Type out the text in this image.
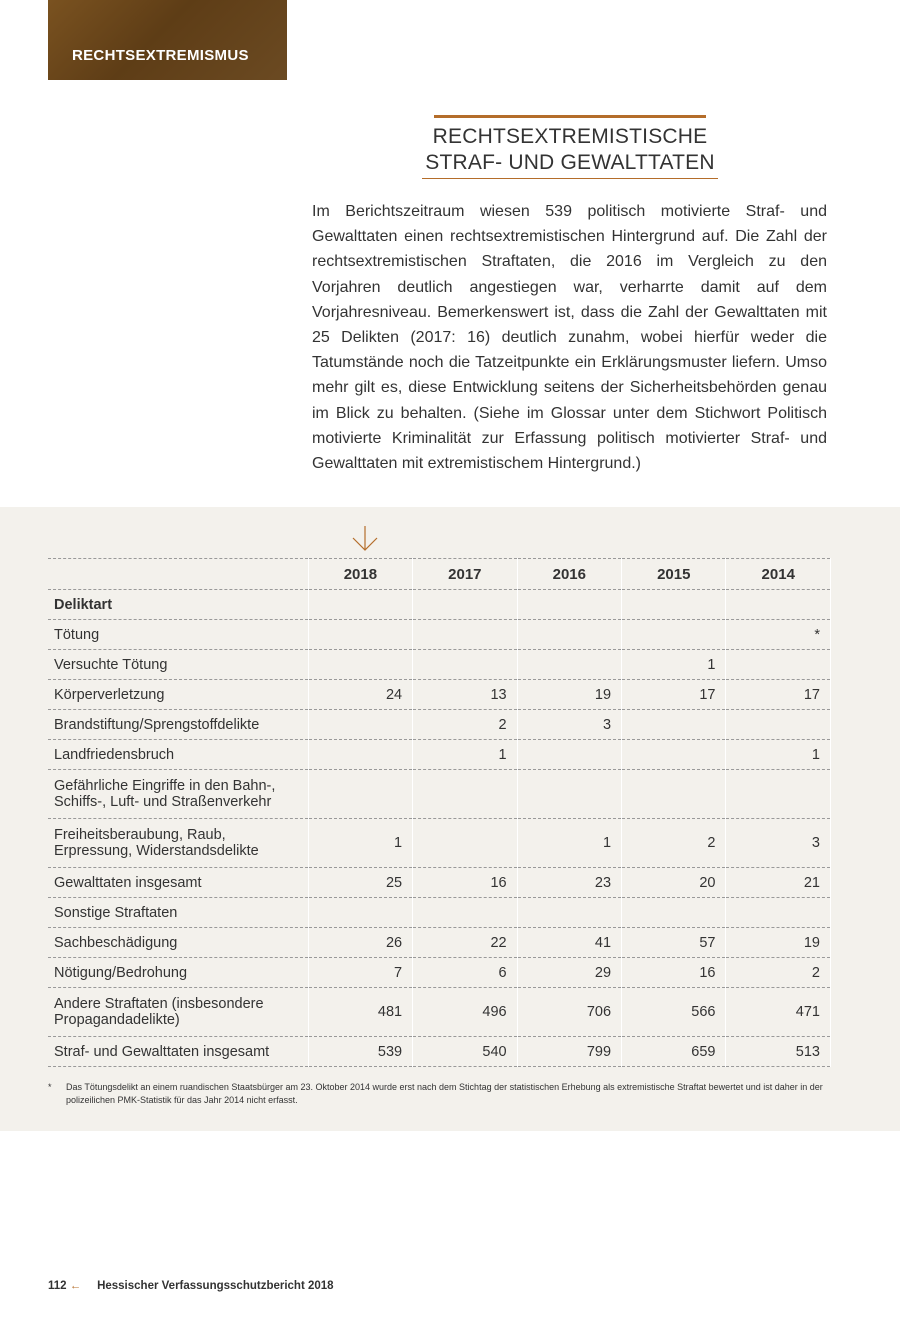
RECHTSEXTREMISMUS
RECHTSEXTREMISTISCHE
STRAF- UND GEWALTTATEN

Im Berichtszeitraum wiesen 539 politisch motivierte Straf- und Gewalttaten einen rechtsextremistischen Hintergrund auf. Die Zahl der rechtsextremistischen Straftaten, die 2016 im Vergleich zu den Vorjahren deutlich angestiegen war, verharrte damit auf dem Vorjahresniveau. Bemerkenswert ist, dass die Zahl der Gewalttaten mit 25 Delikten (2017: 16) deutlich zunahm, wobei hierfür weder die Tatumstände noch die Tatzeitpunkte ein Erklärungsmuster liefern. Umso mehr gilt es, diese Entwicklung seitens der Sicherheitsbehörden genau im Blick zu behalten. (Siehe im Glossar unter dem Stichwort Politisch motivierte Kriminalität zur Erfassung politisch motivierter Straf- und Gewalttaten mit extremistischem Hintergrund.)

	2018	2017	2016	2015	2014
Deliktart					
Tötung					*
Versuchte Tötung				1	
Körperverletzung	24	13	19	17	17
Brandstiftung/Sprengstoffdelikte		2	3		
Landfriedensbruch		1			1
Gefährliche Eingriffe in den Bahn-, Schiffs-, Luft- und Straßenverkehr					
Freiheitsberaubung, Raub, Erpressung, Widerstandsdelikte	1		1	2	3
Gewalttaten insgesamt	25	16	23	20	21
Sonstige Straftaten					
Sachbeschädigung	26	22	41	57	19
Nötigung/Bedrohung	7	6	29	16	2
Andere Straftaten (insbesondere Propagandadelikte)	481	496	706	566	471
Straf- und Gewalttaten insgesamt	539	540	799	659	513
* Das Tötungsdelikt an einem ruandischen Staatsbürger am 23. Oktober 2014 wurde erst nach dem Stichtag der statistischen Erhebung als extremistische Straftat bewertet und ist daher in der polizeilichen PMK-Statistik für das Jahr 2014 nicht erfasst.
112 ← Hessischer Verfassungsschutzbericht 2018
